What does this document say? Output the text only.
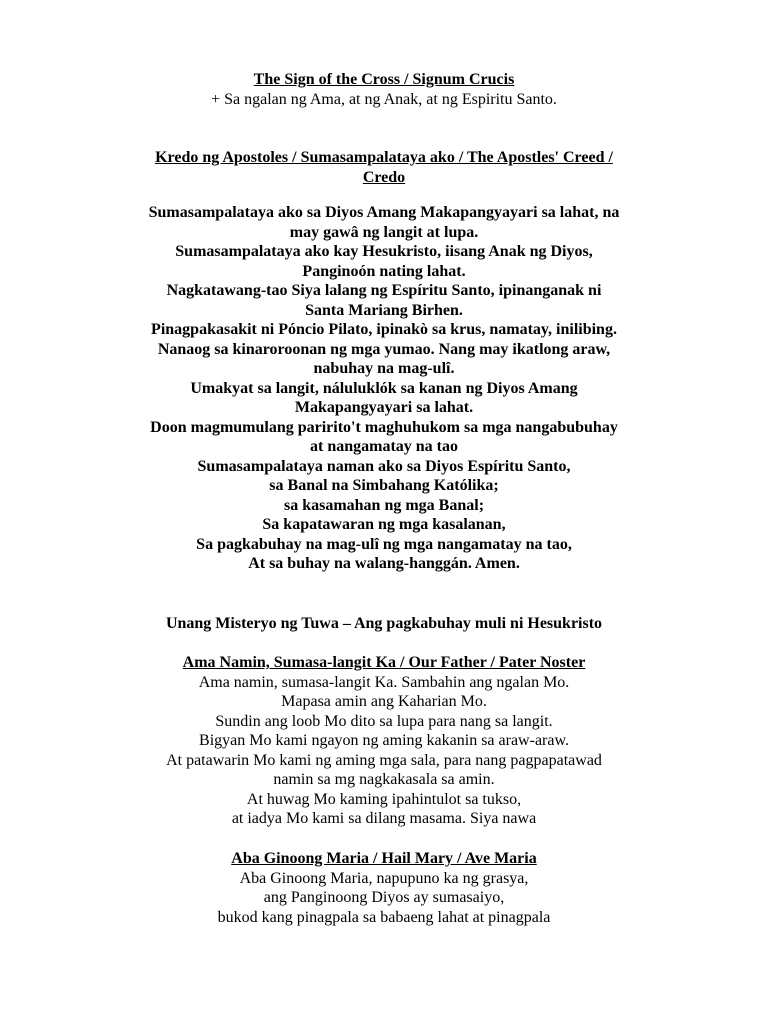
The Sign of the Cross / Signum Crucis
+ Sa ngalan ng Ama, at ng Anak, at ng Espiritu Santo.
Kredo ng Apostoles / Sumasampalataya ako / The Apostles' Creed /
Credo
Sumasampalataya ako sa Diyos Amang Makapangyayari sa lahat, na
may gawâ ng langit at lupa.
Sumasampalataya ako kay Hesukristo, iisang Anak ng Diyos,
Panginoón nating lahat.
Nagkatawang-tao Siya lalang ng Espíritu Santo, ipinanganak ni
Santa Mariang Birhen.
Pinagpakasakit ni Póncio Pilato, ipinakò sa krus, namatay, inilibing.
Nanaog sa kinaroroonan ng mga yumao. Nang may ikatlong araw,
nabuhay na mag-ulî.
Umakyat sa langit, náluluklók sa kanan ng Diyos Amang
Makapangyayari sa lahat.
Doon magmumulang paririto't maghuhukom sa mga nangabubuhay
at nangamatay na tao
Sumasampalataya naman ako sa Diyos Espíritu Santo,
sa Banal na Simbahang Katólika;
sa kasamahan ng mga Banal;
Sa kapatawaran ng mga kasalanan,
Sa pagkabuhay na mag-ulî ng mga nangamatay na tao,
At sa buhay na walang-hanggán. Amen.
Unang Misteryo ng Tuwa – Ang pagkabuhay muli ni Hesukristo
Ama Namin, Sumasa-langit Ka / Our Father / Pater Noster
Ama namin, sumasa-langit Ka. Sambahin ang ngalan Mo.
Mapasa amin ang Kaharian Mo.
Sundin ang loob Mo dito sa lupa para nang sa langit.
Bigyan Mo kami ngayon ng aming kakanin sa araw-araw.
At patawarin Mo kami ng aming mga sala, para nang pagpapatawad
namin sa mg nagkakasala sa amin.
At huwag Mo kaming ipahintulot sa tukso,
at iadya Mo kami sa dilang masama. Siya nawa
Aba Ginoong Maria / Hail Mary / Ave Maria
Aba Ginoong Maria, napupuno ka ng grasya,
ang Panginoong Diyos ay sumasaiyo,
bukod kang pinagpala sa babaeng lahat at pinagpala
